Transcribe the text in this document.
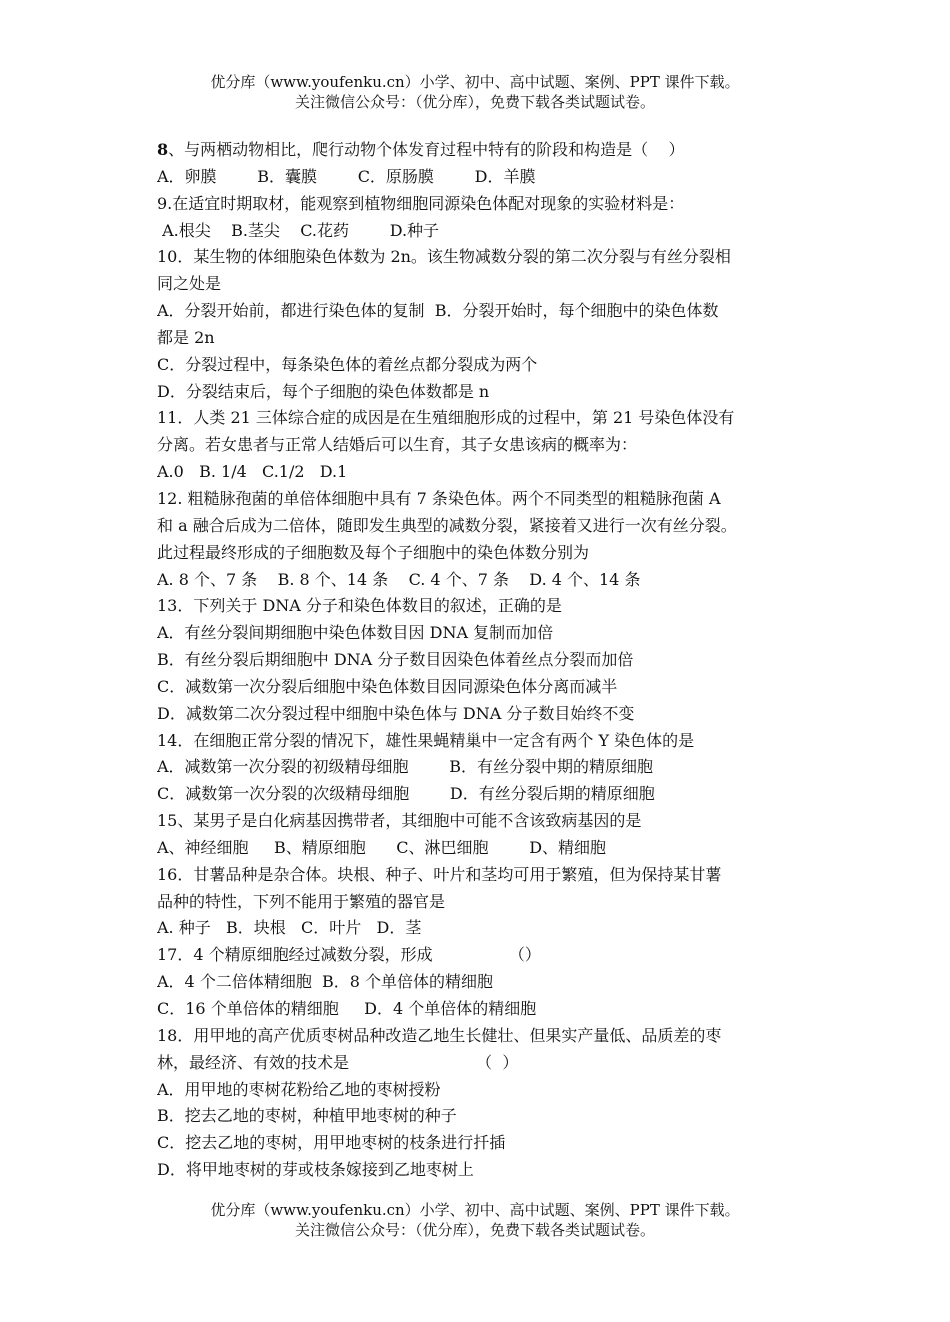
优分库（www.youfenku.cn）小学、初中、高中试题、案例、PPT 课件下载。
关注微信公众号：（优分库），免费下载各类试题试卷。
8、与两栖动物相比，爬行动物个体发育过程中特有的阶段和构造是（    ）
A．卵膜        B．囊膜        C．原肠膜        D．羊膜
9.在适宜时期取材，能观察到植物细胞同源染色体配对现象的实验材料是：
A.根尖    B.茎尖    C.花药        D.种子
10．某生物的体细胞染色体数为 2n。该生物减数分裂的第二次分裂与有丝分裂相
同之处是
A．分裂开始前，都进行染色体的复制  B．分裂开始时，每个细胞中的染色体数
都是 2n
C．分裂过程中，每条染色体的着丝点都分裂成为两个
D．分裂结束后，每个子细胞的染色体数都是 n
11．人类 21 三体综合症的成因是在生殖细胞形成的过程中，第 21 号染色体没有
分离。若女患者与正常人结婚后可以生育，其子女患该病的概率为：
A.0   B. 1/4   C.1/2   D.1
12. 粗糙脉孢菌的单倍体细胞中具有 7 条染色体。两个不同类型的粗糙脉孢菌 A
和 a 融合后成为二倍体，随即发生典型的减数分裂，紧接着又进行一次有丝分裂。
此过程最终形成的子细胞数及每个子细胞中的染色体数分别为
A. 8 个、7 条    B. 8 个、14 条    C. 4 个、7 条    D. 4 个、14 条
13．下列关于 DNA 分子和染色体数目的叙述，正确的是
A．有丝分裂间期细胞中染色体数目因 DNA 复制而加倍
B．有丝分裂后期细胞中 DNA 分子数目因染色体着丝点分裂而加倍
C．减数第一次分裂后细胞中染色体数目因同源染色体分离而减半
D．减数第二次分裂过程中细胞中染色体与 DNA 分子数目始终不变
14．在细胞正常分裂的情况下，雄性果蝇精巢中一定含有两个 Y 染色体的是
A．减数第一次分裂的初级精母细胞        B．有丝分裂中期的精原细胞
C．减数第一次分裂的次级精母细胞        D．有丝分裂后期的精原细胞
15、某男子是白化病基因携带者，其细胞中可能不含该致病基因的是
A、神经细胞     B、精原细胞      C、淋巴细胞        D、精细胞
16．甘薯品种是杂合体。块根、种子、叶片和茎均可用于繁殖，但为保持某甘薯
品种的特性，下列不能用于繁殖的器官是
A. 种子   B．块根   C．叶片   D．茎
17．4 个精原细胞经过减数分裂，形成               （）
A．4 个二倍体精细胞  B．8 个单倍体的精细胞
C．16 个单倍体的精细胞     D．4 个单倍体的精细胞
18．用甲地的高产优质枣树品种改造乙地生长健壮、但果实产量低、品质差的枣
林，最经济、有效的技术是                         （  ）
A．用甲地的枣树花粉给乙地的枣树授粉
B．挖去乙地的枣树，种植甲地枣树的种子
C．挖去乙地的枣树，用甲地枣树的枝条进行扦插
D．将甲地枣树的芽或枝条嫁接到乙地枣树上
优分库（www.youfenku.cn）小学、初中、高中试题、案例、PPT 课件下载。
关注微信公众号：（优分库），免费下载各类试题试卷。
